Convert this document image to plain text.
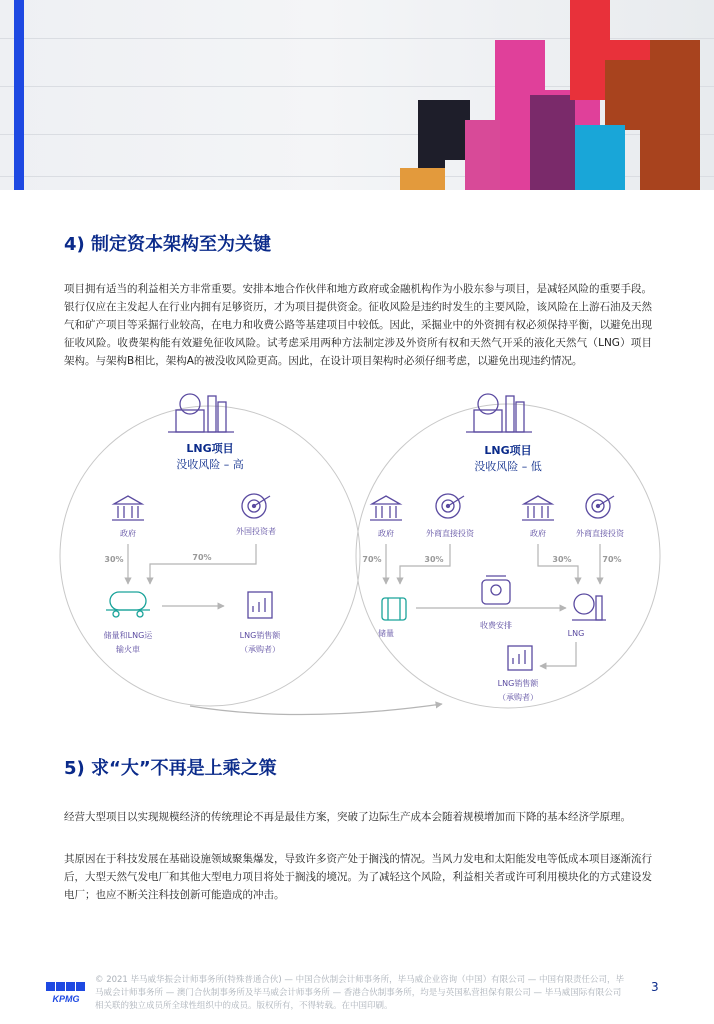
4) 制定资本架构至为关键
项目拥有适当的利益相关方非常重要。安排本地合作伙伴和地方政府或金融机构作为小股东参与项目，是减轻风险的重要手段。银行仅应在主发起人在行业内拥有足够资历，才为项目提供资金。征收风险是违约时发生的主要风险，该风险在上游石油及天然气和矿产项目等采掘行业较高，在电力和收费公路等基建项目中较低。因此，采掘业中的外资拥有权必须保持平衡，以避免出现征收风险。收费架构能有效避免征收风险。试考虑采用两种方法制定涉及外资所有权和天然气开采的液化天然气（LNG）项目架构。与架构B相比，架构A的被没收风险更高。因此，在设计项目架构时必须仔细考虑，以避免出现违约情况。
LNG项目
没收风险 – 高
政府	外国投资者
30%	70%
储量和LNG运
输火車
LNG销售额
（承购者）
LNG项目
没收风险 – 低
政府	外商直接投资	政府	外商直接投资
70%	30%	30%	70%
储量
收费安排
LNG
LNG销售额
（承购者）
5) 求“大”不再是上乘之策
经营大型项目以实现规模经济的传统理论不再是最佳方案，突破了边际生产成本会随着规模增加而下降的基本经济学原理。
其原因在于科技发展在基础设施领域聚集爆发，导致许多资产处于搁浅的情况。当风力发电和太阳能发电等低成本项目逐渐流行后，大型天然气发电厂和其他大型电力项目将处于搁浅的境况。为了减轻这个风险，利益相关者或许可利用模块化的方式建设发电厂；也应不断关注科技创新可能造成的冲击。
KPMG
© 2021 毕马威华振会计师事务所(特殊普通合伙) — 中国合伙制会计师事务所，毕马威企业咨询（中国）有限公司 — 中国有限责任公司，毕马威会计师事务所 — 澳门合伙制事务所及毕马威会计师事务所 — 香港合伙制事务所，均是与英国私营担保有限公司 — 毕马威国际有限公司相关联的独立成员所全球性组织中的成员。版权所有，不得转载。在中国印刷。
3
